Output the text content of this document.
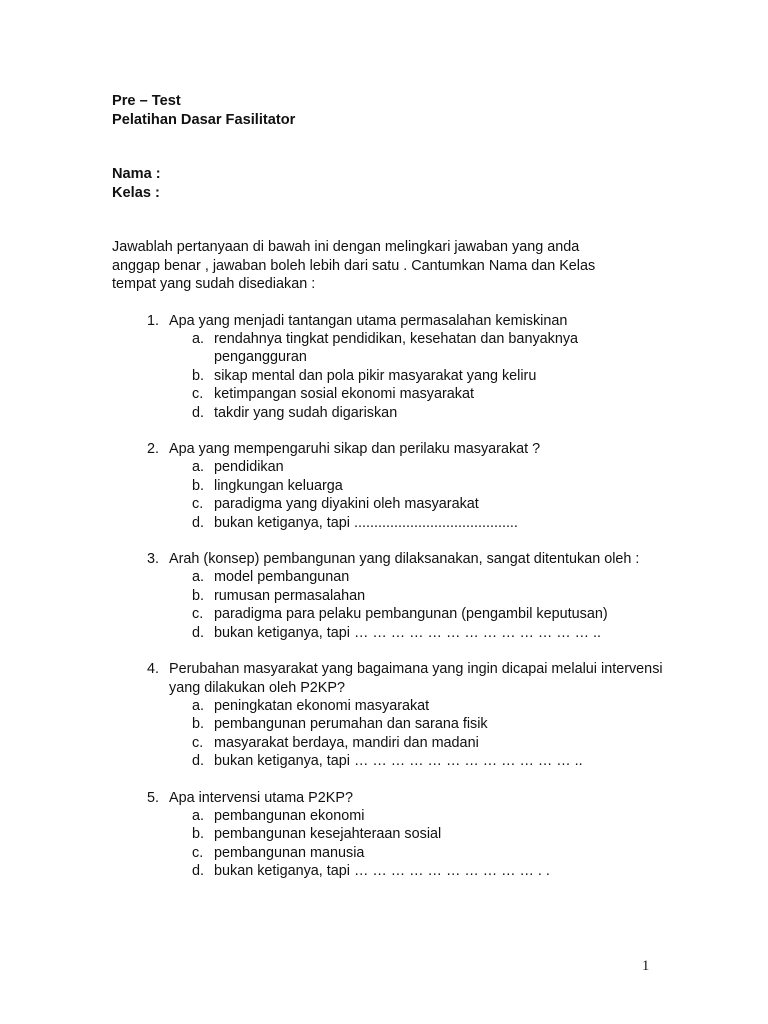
Pre – Test
Pelatihan Dasar Fasilitator
Nama :
Kelas :
Jawablah pertanyaan di bawah ini dengan melingkari jawaban yang anda
anggap benar , jawaban boleh lebih dari satu . Cantumkan Nama dan Kelas
tempat yang sudah disediakan :
1. Apa yang menjadi tantangan utama permasalahan kemiskinan
a. rendahnya tingkat pendidikan, kesehatan dan banyaknya pengangguran
b. sikap mental dan pola pikir masyarakat yang keliru
c. ketimpangan sosial ekonomi masyarakat
d. takdir yang sudah digariskan
2. Apa yang mempengaruhi sikap dan perilaku masyarakat ?
a. pendidikan
b. lingkungan keluarga
c. paradigma yang diyakini oleh masyarakat
d. bukan ketiganya, tapi .........................................
3. Arah (konsep) pembangunan yang dilaksanakan, sangat ditentukan oleh :
a. model pembangunan
b. rumusan permasalahan
c. paradigma para pelaku pembangunan (pengambil keputusan)
d. bukan ketiganya, tapi … … … … … … … … … … … … … ..
4. Perubahan masyarakat yang bagaimana yang ingin dicapai melalui intervensi yang dilakukan oleh P2KP?
a. peningkatan ekonomi masyarakat
b. pembangunan perumahan dan sarana fisik
c. masyarakat berdaya, mandiri dan madani
d. bukan ketiganya, tapi … … … … … … … … … … … … ..
5. Apa intervensi utama P2KP?
a. pembangunan ekonomi
b. pembangunan kesejahteraan sosial
c. pembangunan manusia
d. bukan ketiganya, tapi … … … … … … … … … … . .
1
